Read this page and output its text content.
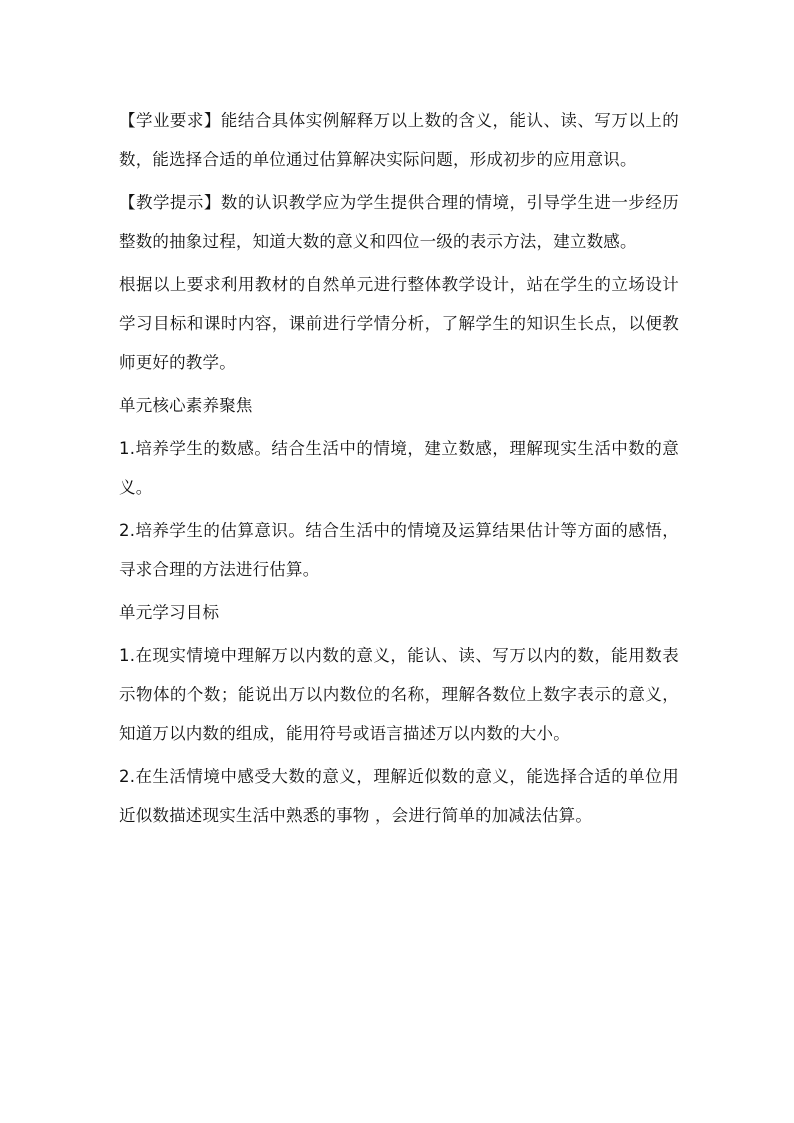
【学业要求】能结合具体实例解释万以上数的含义，能认、读、写万以上的数，能选择合适的单位通过估算解决实际问题，形成初步的应用意识。

【教学提示】数的认识教学应为学生提供合理的情境，引导学生进一步经历整数的抽象过程，知道大数的意义和四位一级的表示方法，建立数感。

根据以上要求利用教材的自然单元进行整体教学设计，站在学生的立场设计学习目标和课时内容，课前进行学情分析，了解学生的知识生长点，以便教师更好的教学。

单元核心素养聚焦

1.培养学生的数感。结合生活中的情境，建立数感，理解现实生活中数的意义。

2.培养学生的估算意识。结合生活中的情境及运算结果估计等方面的感悟，寻求合理的方法进行估算。

单元学习目标

1.在现实情境中理解万以内数的意义，能认、读、写万以内的数，能用数表示物体的个数；能说出万以内数位的名称，理解各数位上数字表示的意义，知道万以内数的组成，能用符号或语言描述万以内数的大小。

2.在生活情境中感受大数的意义，理解近似数的意义，能选择合适的单位用近似数描述现实生活中熟悉的事物 ，会进行简单的加减法估算。
